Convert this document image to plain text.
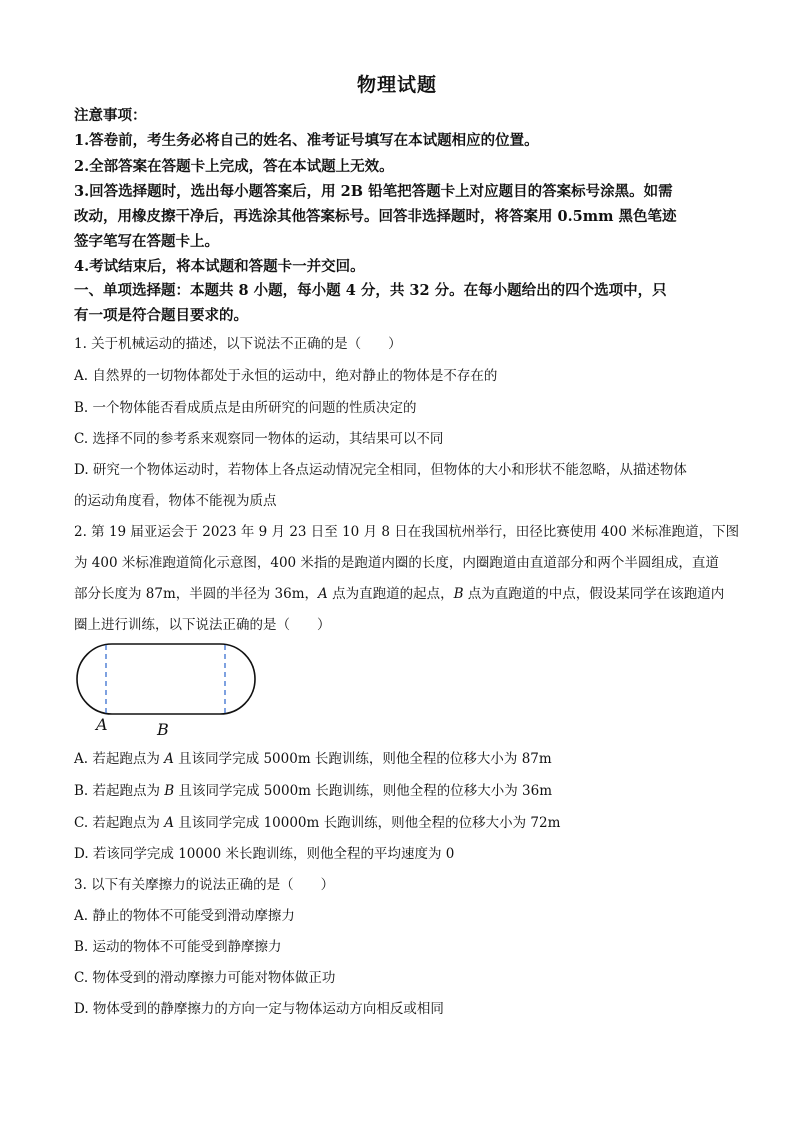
物理试题
注意事项：
1.答卷前，考生务必将自己的姓名、准考证号填写在本试题相应的位置。
2.全部答案在答题卡上完成，答在本试题上无效。
3.回答选择题时，选出每小题答案后，用 2B 铅笔把答题卡上对应题目的答案标号涂黑。如需
改动，用橡皮擦干净后，再选涂其他答案标号。回答非选择题时，将答案用 0.5mm 黑色笔迹
签字笔写在答题卡上。
4.考试结束后，将本试题和答题卡一并交回。
一、单项选择题：本题共 8 小题，每小题 4 分，共 32 分。在每小题给出的四个选项中，只
有一项是符合题目要求的。
1. 关于机械运动的描述，以下说法不正确的是（　　）
A. 自然界的一切物体都处于永恒的运动中，绝对静止的物体是不存在的
B. 一个物体能否看成质点是由所研究的问题的性质决定的
C. 选择不同的参考系来观察同一物体的运动，其结果可以不同
D. 研究一个物体运动时，若物体上各点运动情况完全相同，但物体的大小和形状不能忽略，从描述物体
的运动角度看，物体不能视为质点
2. 第 19 届亚运会于 2023 年 9 月 23 日至 10 月 8 日在我国杭州举行，田径比赛使用 400 米标准跑道，下图
为 400 米标准跑道简化示意图，400 米指的是跑道内圈的长度，内圈跑道由直道部分和两个半圆组成，直道
部分长度为 87m，半圆的半径为 36m，A 点为直跑道的起点，B 点为直跑道的中点，假设某同学在该跑道内
圈上进行训练，以下说法正确的是（　　）
A	B
A. 若起跑点为 A 且该同学完成 5000m 长跑训练，则他全程的位移大小为 87m
B. 若起跑点为 B 且该同学完成 5000m 长跑训练，则他全程的位移大小为 36m
C. 若起跑点为 A 且该同学完成 10000m 长跑训练，则他全程的位移大小为 72m
D. 若该同学完成 10000 米长跑训练，则他全程的平均速度为 0
3. 以下有关摩擦力的说法正确的是（　　）
A. 静止的物体不可能受到滑动摩擦力
B. 运动的物体不可能受到静摩擦力
C. 物体受到的滑动摩擦力可能对物体做正功
D. 物体受到的静摩擦力的方向一定与物体运动方向相反或相同
